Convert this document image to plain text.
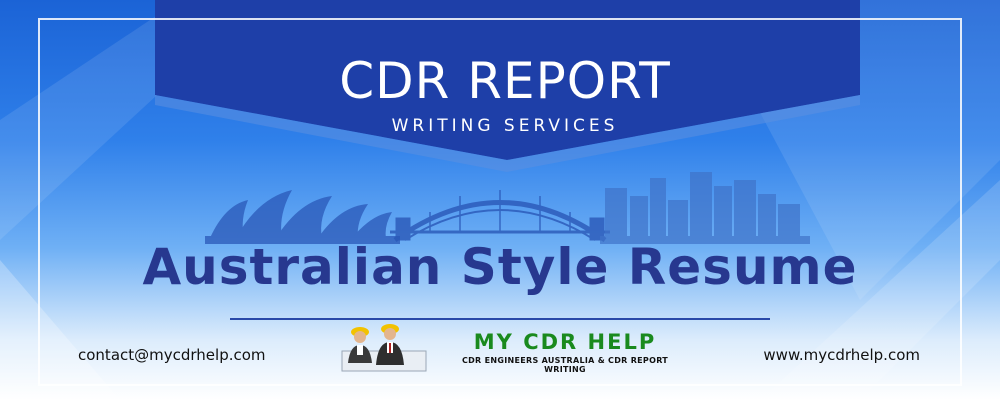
CDR REPORT
WRITING SERVICES
Australian Style Resume
contact@mycdrhelp.com
MY CDR HELP
CDR ENGINEERS AUSTRALIA & CDR REPORT WRITING
www.mycdrhelp.com
